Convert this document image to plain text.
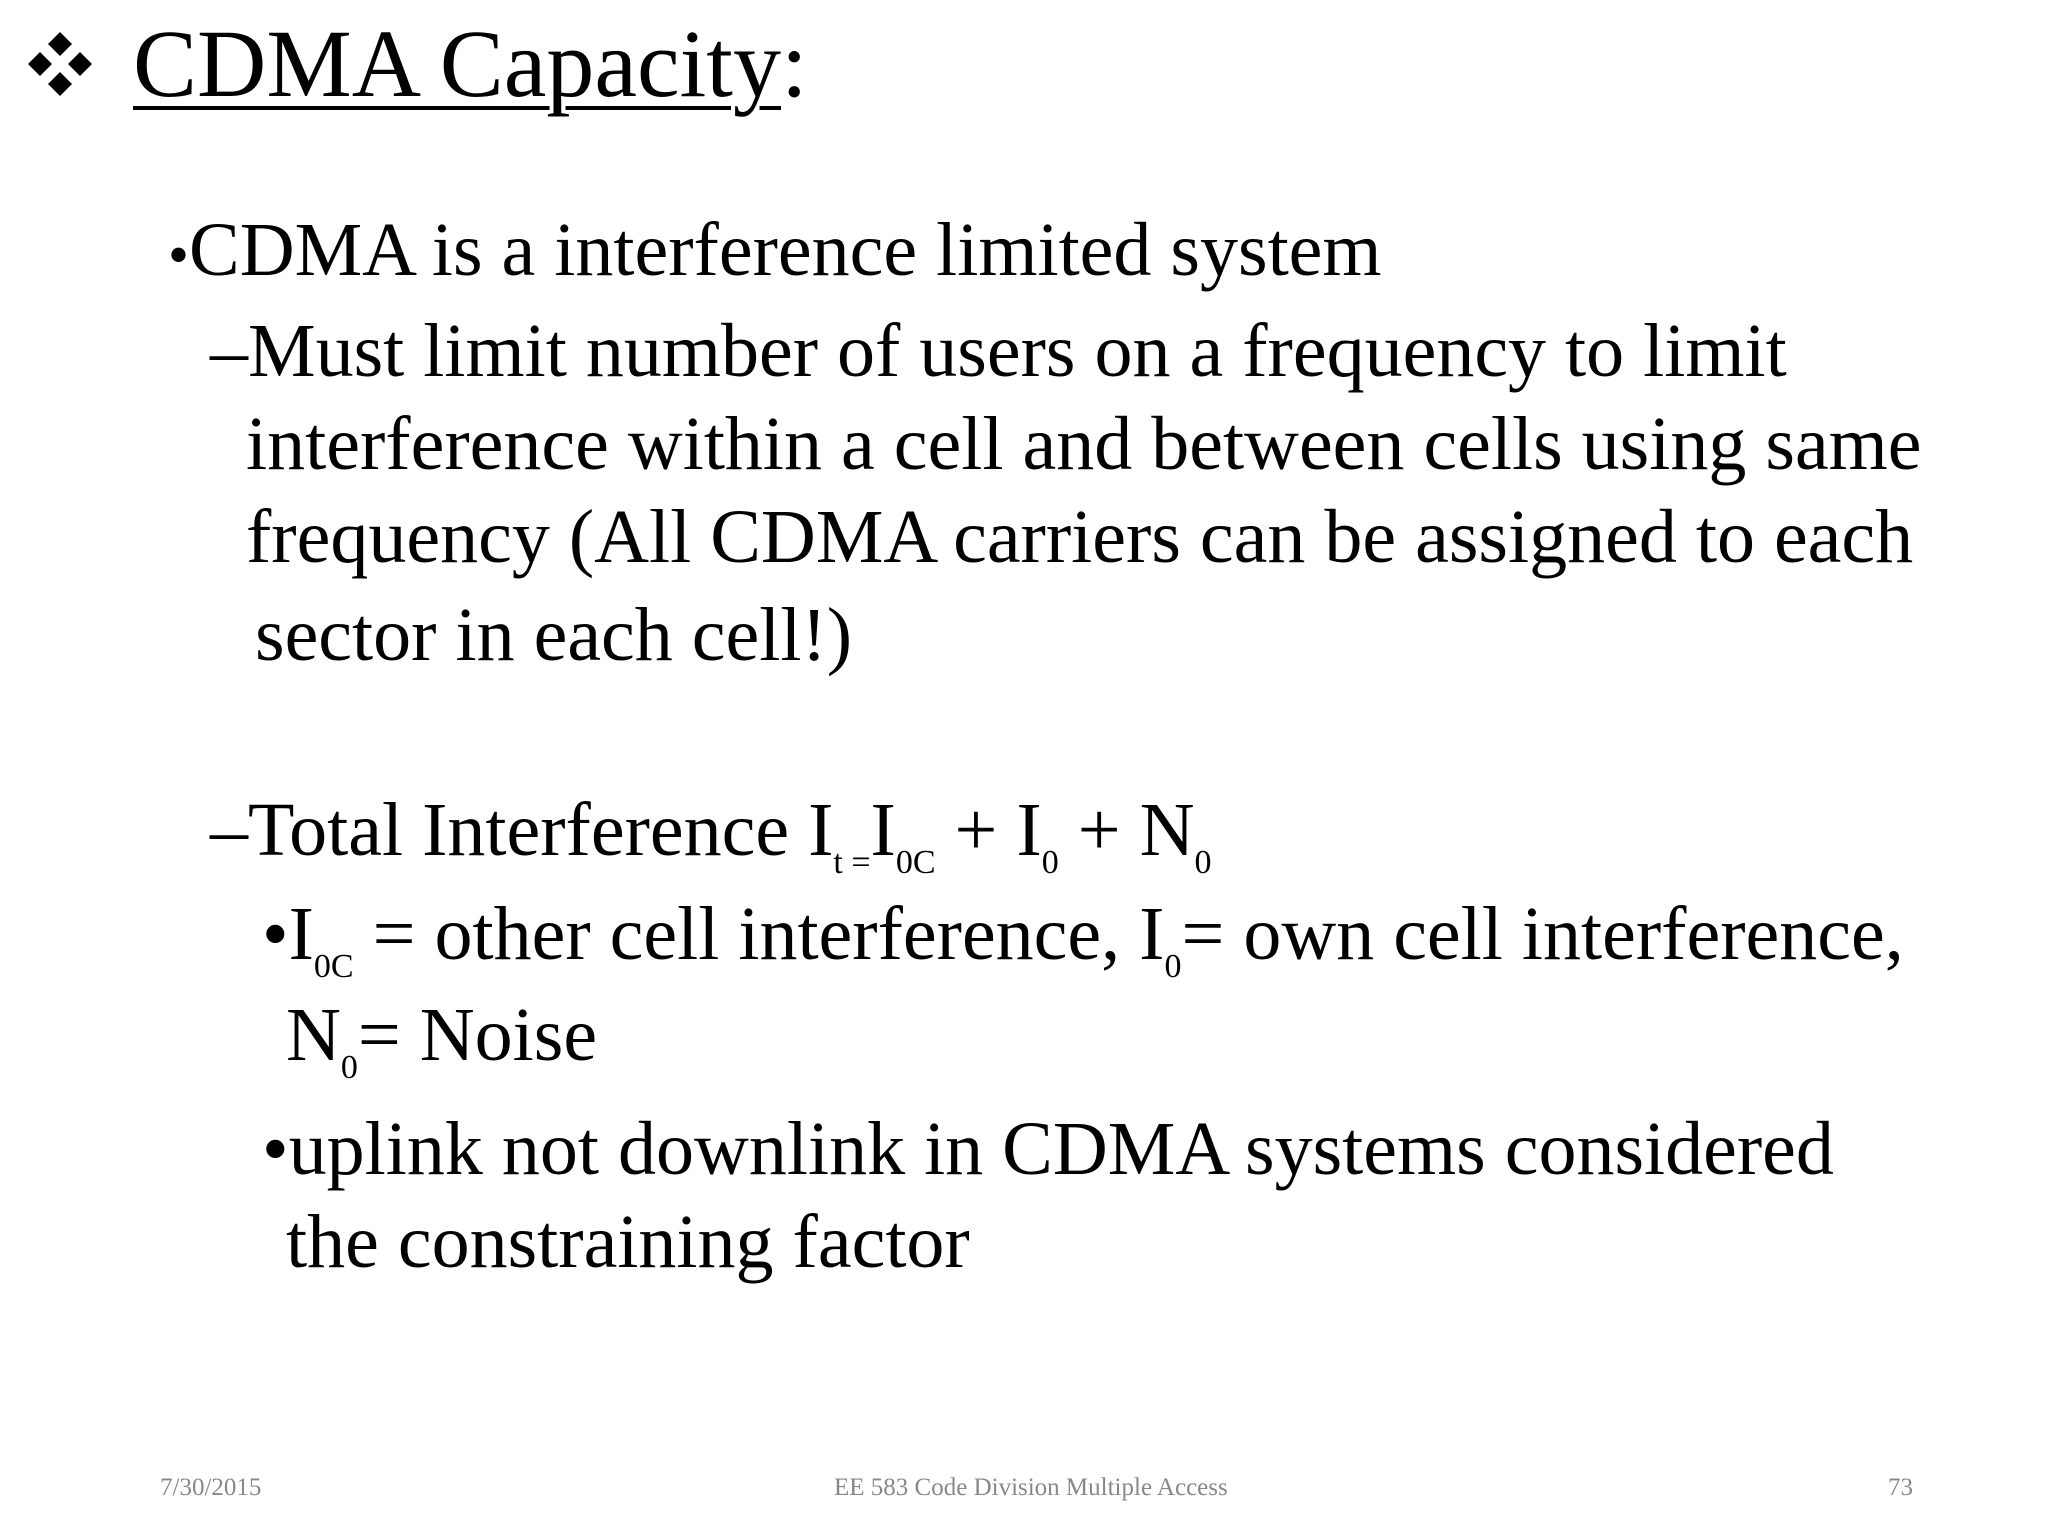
CDMA Capacity:
•CDMA is a interference limited system
–Must limit number of users on a frequency to limit
interference within a cell and between cells using same
frequency (All CDMA carriers can be assigned to each
sector in each cell!)
–Total Interference $I_{t =}I_{0C} + I_0 + N_0$
$•I_{0C}$ = other cell interference, $I_0=$ own cell interference,
$N_0=$ Noise
•uplink not downlink in CDMA systems considered
the constraining factor
7/30/2015	EE 583 Code Division Multiple Access	73
